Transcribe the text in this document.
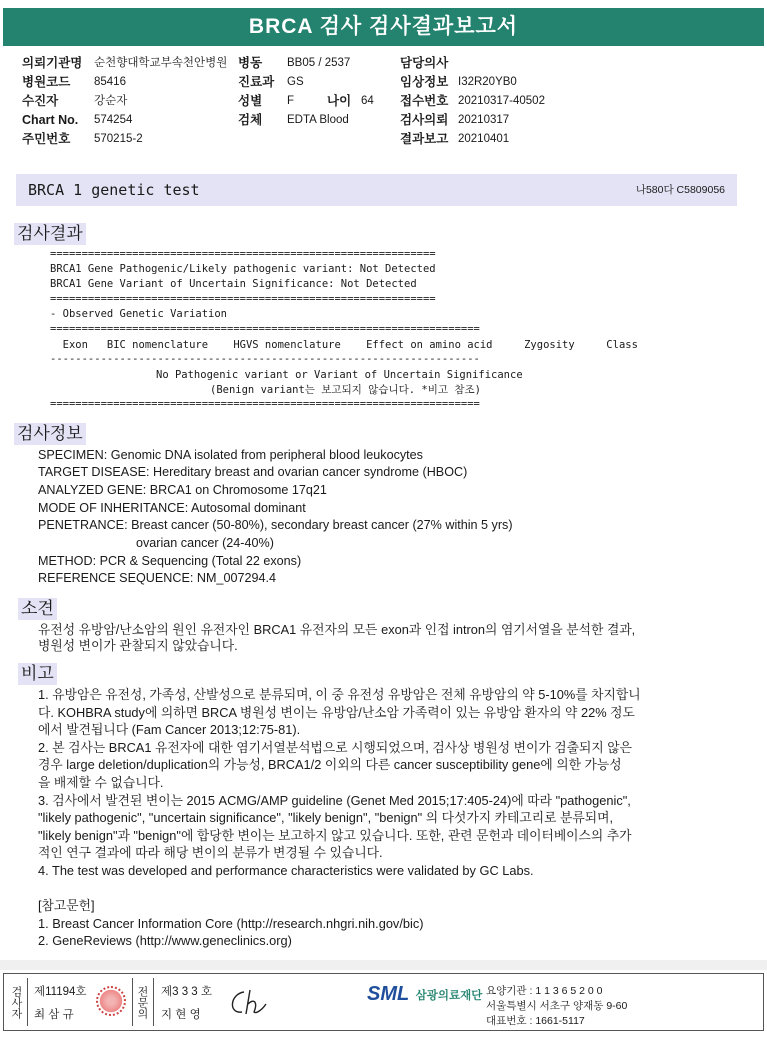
BRCA 검사 검사결과보고서
의뢰기관명 순천향대학교부속천안병원 병동 BB05 / 2537	담당의사
병원코드 85416	진료과 GS	임상정보 I32R20YB0
수진자	강순자	성별 F	나이 64 접수번호 20210317-40502
Chart No. 574254	검체 EDTA Blood	검사의뢰 20210317
주민번호 570215-2	결과보고 20210401
BRCA 1 genetic test	나580다 C5809056
검사결과
=============================================================
BRCA1 Gene Pathogenic/Likely pathogenic variant: Not Detected
BRCA1 Gene Variant of Uncertain Significance: Not Detected
=============================================================
- Observed Genetic Variation
====================================================================
Exon   BIC nomenclature    HGVS nomenclature    Effect on amino acid     Zygosity     Class
--------------------------------------------------------------------
No Pathogenic variant or Variant of Uncertain Significance
(Benign variant는 보고되지 않습니다. *비고 참조)
====================================================================
검사정보
SPECIMEN: Genomic DNA isolated from peripheral blood leukocytes
TARGET DISEASE: Hereditary breast and ovarian cancer syndrome (HBOC)
ANALYZED GENE: BRCA1 on Chromosome 17q21
MODE OF INHERITANCE: Autosomal dominant
PENETRANCE: Breast cancer (50-80%), secondary breast cancer (27% within 5 yrs)
ovarian cancer (24-40%)
METHOD: PCR & Sequencing (Total 22 exons)
REFERENCE SEQUENCE: NM_007294.4
소견
유전성 유방암/난소암의 원인 유전자인 BRCA1 유전자의 모든 exon과 인접 intron의 염기서열을 분석한 결과,
병원성 변이가 관찰되지 않았습니다.
비고
1. 유방암은 유전성, 가족성, 산발성으로 분류되며, 이 중 유전성 유방암은 전체 유방암의 약 5-10%를 차지합니
다. KOHBRA study에 의하면 BRCA 병원성 변이는 유방암/난소암 가족력이 있는 유방암 환자의 약 22% 정도
에서 발견됩니다 (Fam Cancer 2013;12:75-81).
2. 본 검사는 BRCA1 유전자에 대한 염기서열분석법으로 시행되었으며, 검사상 병원성 변이가 검출되지 않은
경우 large deletion/duplication의 가능성, BRCA1/2 이외의 다른 cancer susceptibility gene에 의한 가능성
을 배제할 수 없습니다.
3. 검사에서 발견된 변이는 2015 ACMG/AMP guideline (Genet Med 2015;17:405-24)에 따라 "pathogenic",
"likely pathogenic", "uncertain significance", "likely benign", "benign" 의 다섯가지 카테고리로 분류되며,
"likely benign"과 "benign"에 합당한 변이는 보고하지 않고 있습니다. 또한, 관련 문헌과 데이터베이스의 추가
적인 연구 결과에 따라 해당 변이의 분류가 변경될 수 있습니다.
4. The test was developed and performance characteristics were validated by GC Labs.
[참고문헌]
1. Breast Cancer Information Core (http://research.nhgri.nih.gov/bic)
2. GeneReviews (http://www.geneclinics.org)
검사자 제11194호
최 삼 규	전문의	제3 3 3 호
지 현 영
SML 삼광의료재단 요양기관 : 1 1 3 6 5 2 0 0
서울특별시 서초구 양재동 9-60
대표번호 : 1661-5117
